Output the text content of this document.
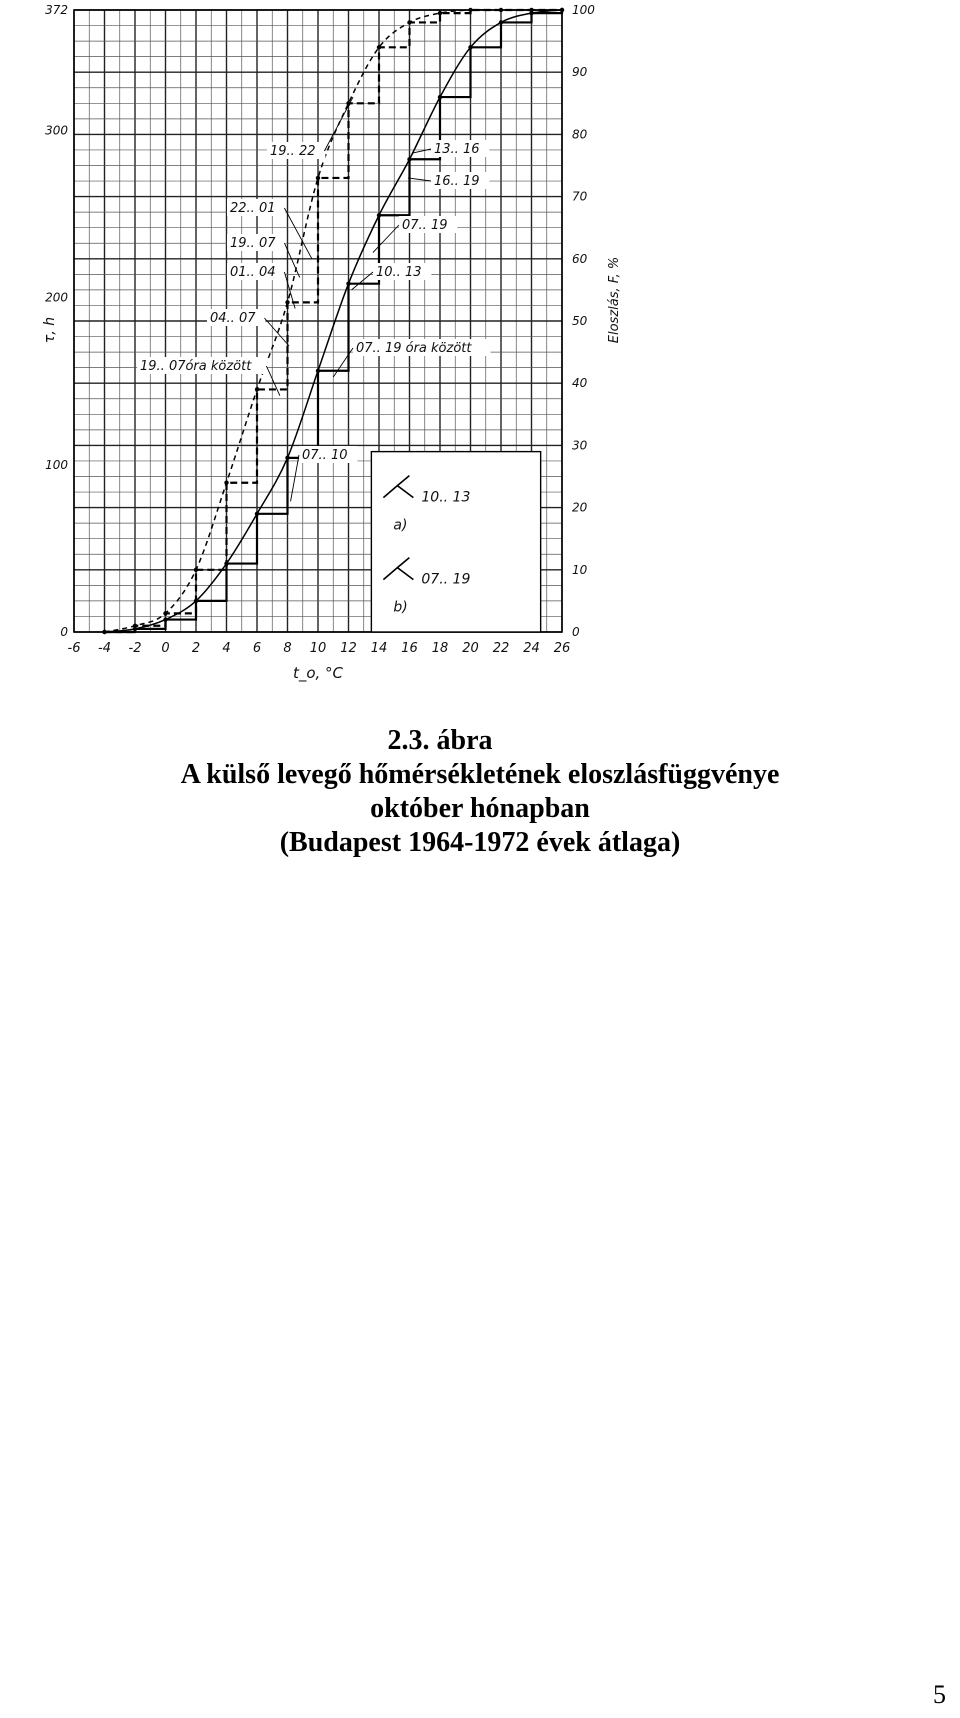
-6 -4 -2 0 2 4 6 8 10 12 14 16 18 20 22 24 26
0
100
200
300
372
0
10
20
30
40
50
60
70
80
90
100
t_o, °C
τ, h	Eloszlás, F, %
19.. 22
22.. 01
19.. 07
01.. 04
04.. 07
19.. 07óra között
13.. 16
16.. 19
07.. 19
10.. 13
07.. 19 óra között
07.. 10
10.. 13
a)
07.. 19
b)
2.3. ábra
A külső levegő hőmérsékletének eloszlásfüggvénye
október hónapban
(Budapest 1964-1972 évek átlaga)
5
